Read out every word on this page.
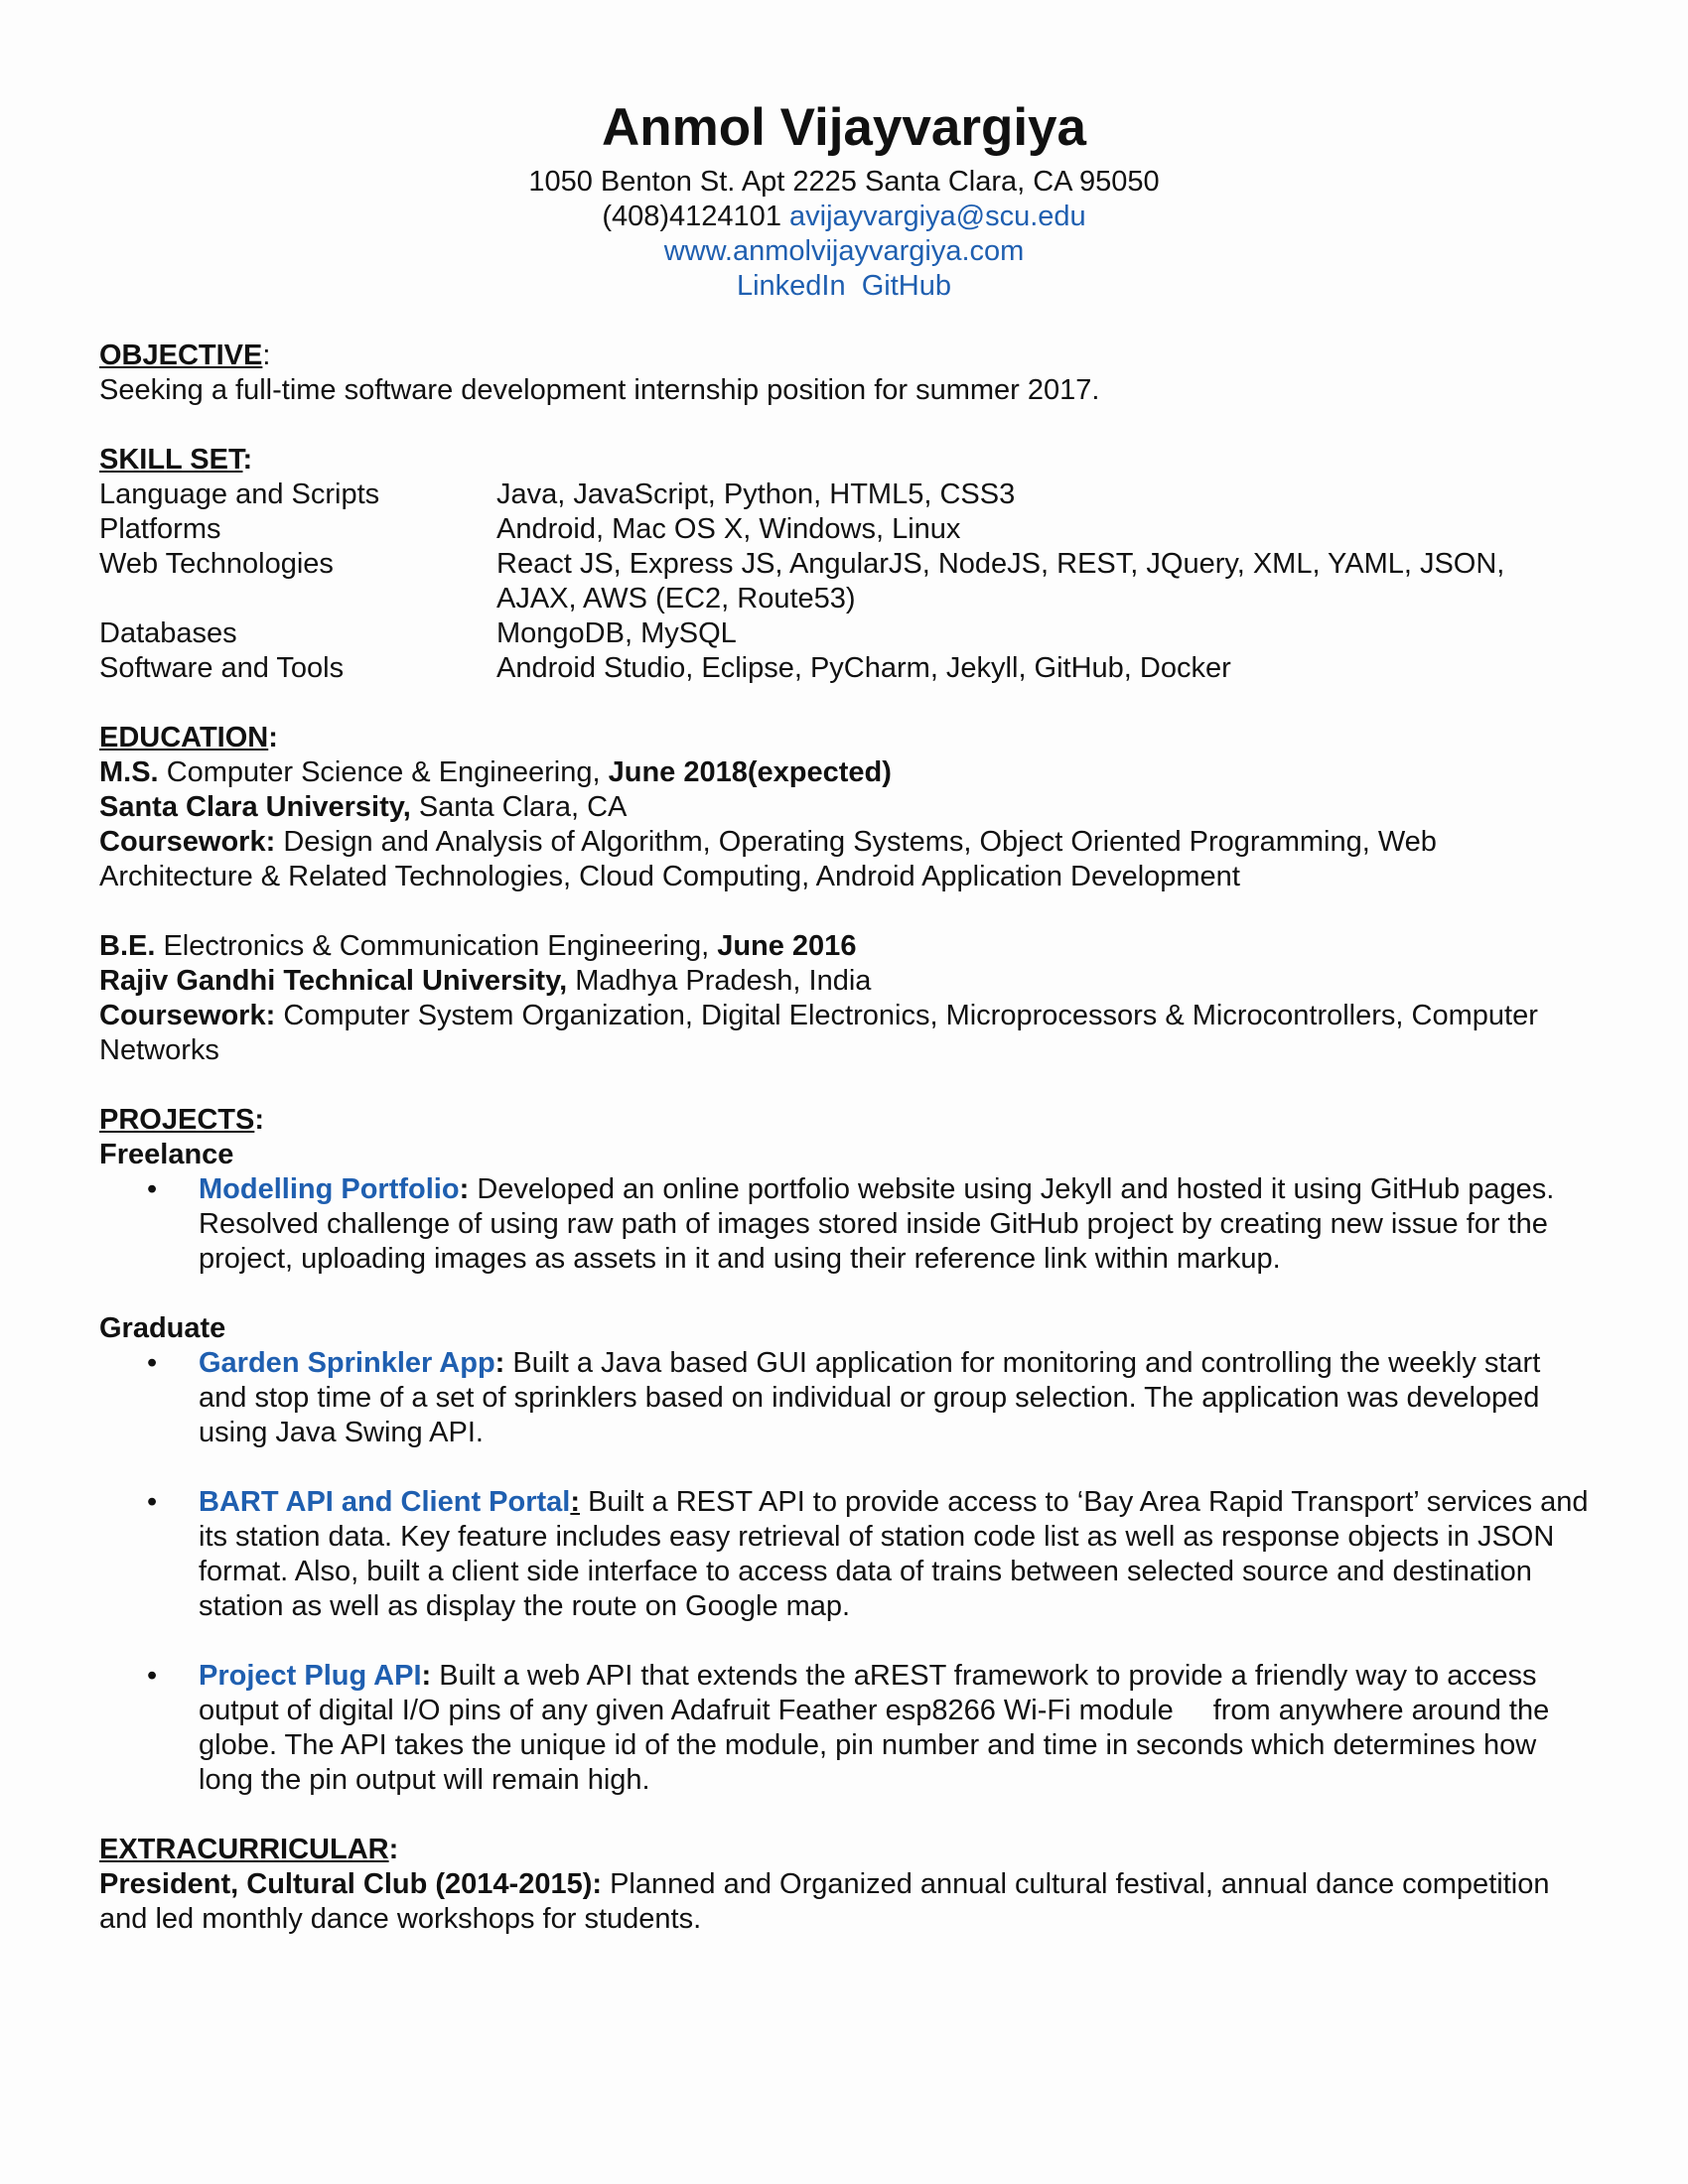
Anmol Vijayvargiya
1050 Benton St. Apt 2225 Santa Clara, CA 95050
(408)4124101 avijayvargiya@scu.edu
www.anmolvijayvargiya.com
LinkedIn GitHub
OBJECTIVE:
Seeking a full-time software development internship position for summer 2017.
SKILL SET:
Language and Scripts	Java, JavaScript, Python, HTML5, CSS3
Platforms	Android, Mac OS X, Windows, Linux
Web Technologies	React JS, Express JS, AngularJS, NodeJS, REST, JQuery, XML, YAML, JSON, AJAX, AWS (EC2, Route53)
Databases	MongoDB, MySQL
Software and Tools	Android Studio, Eclipse, PyCharm, Jekyll, GitHub, Docker
EDUCATION:
M.S. Computer Science & Engineering, June 2018(expected)
Santa Clara University, Santa Clara, CA
Coursework: Design and Analysis of Algorithm, Operating Systems, Object Oriented Programming, Web Architecture & Related Technologies, Cloud Computing, Android Application Development
B.E. Electronics & Communication Engineering, June 2016
Rajiv Gandhi Technical University, Madhya Pradesh, India
Coursework: Computer System Organization, Digital Electronics, Microprocessors & Microcontrollers, Computer Networks
PROJECTS:
Freelance
• Modelling Portfolio: Developed an online portfolio website using Jekyll and hosted it using GitHub pages. Resolved challenge of using raw path of images stored inside GitHub project by creating new issue for the project, uploading images as assets in it and using their reference link within markup.
Graduate
• Garden Sprinkler App: Built a Java based GUI application for monitoring and controlling the weekly start and stop time of a set of sprinklers based on individual or group selection. The application was developed using Java Swing API.
• BART API and Client Portal: Built a REST API to provide access to ‘Bay Area Rapid Transport’ services and its station data. Key feature includes easy retrieval of station code list as well as response objects in JSON format. Also, built a client side interface to access data of trains between selected source and destination station as well as display the route on Google map.
• Project Plug API: Built a web API that extends the aREST framework to provide a friendly way to access output of digital I/O pins of any given Adafruit Feather esp8266 Wi-Fi module from anywhere around the globe. The API takes the unique id of the module, pin number and time in seconds which determines how long the pin output will remain high.
EXTRACURRICULAR:
President, Cultural Club (2014-2015): Planned and Organized annual cultural festival, annual dance competition and led monthly dance workshops for students.
